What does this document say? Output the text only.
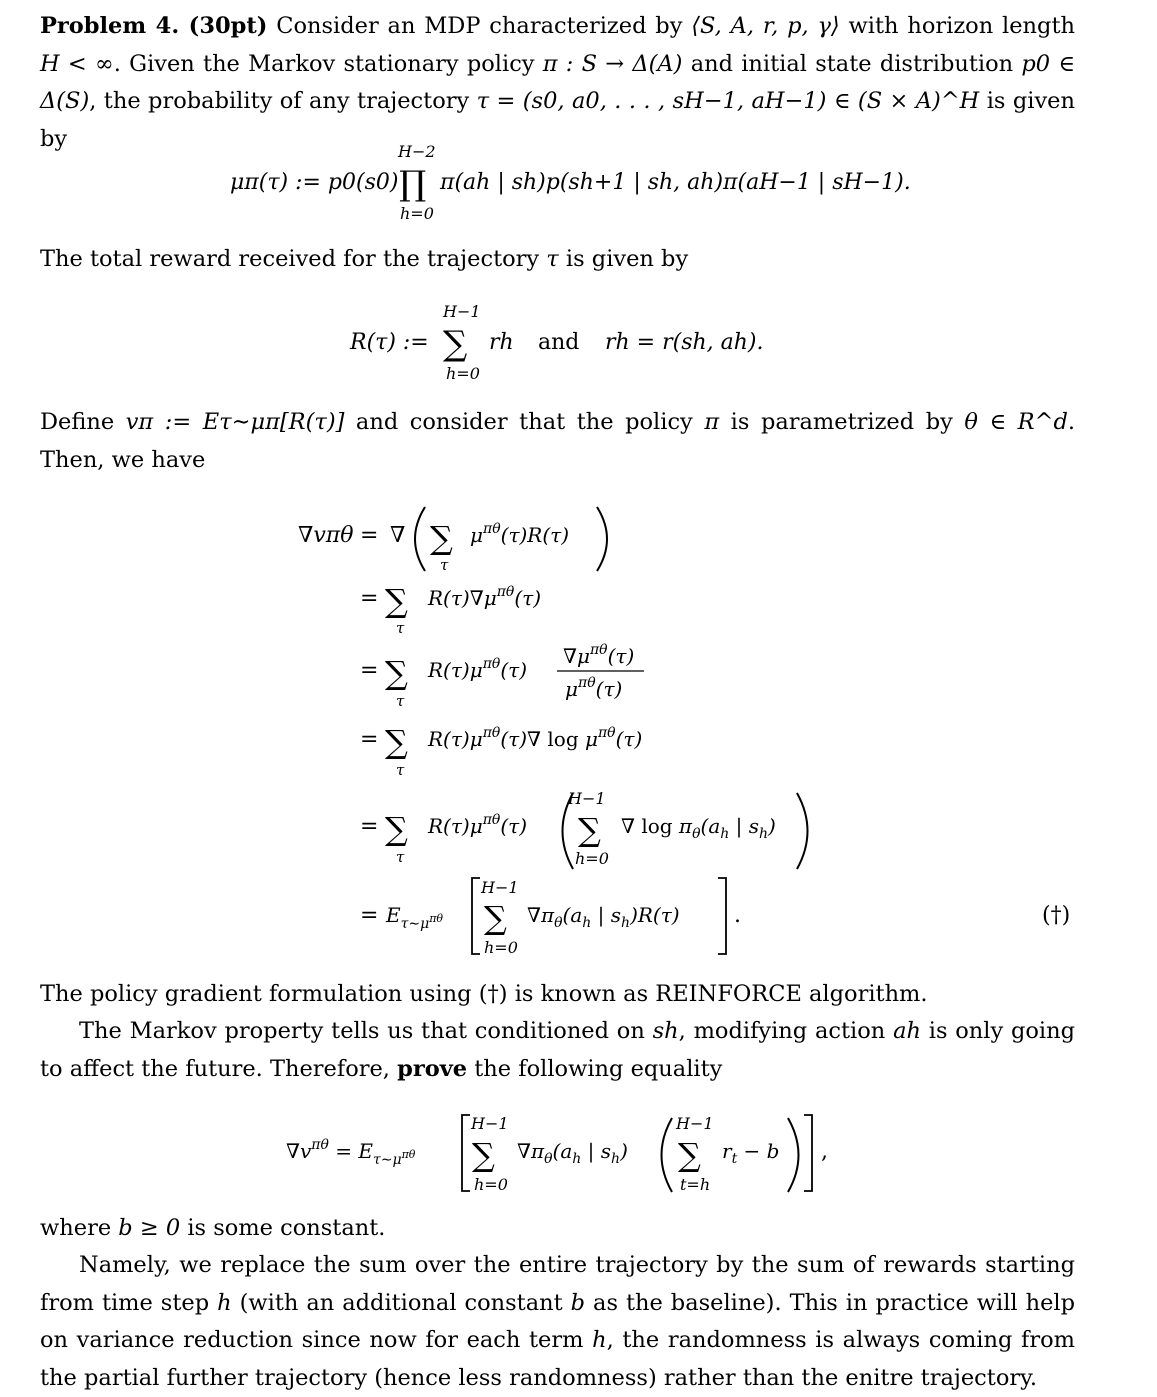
Problem 4. (30pt) Consider an MDP characterized by ⟨S, A, r, p, γ⟩ with horizon length H < ∞. Given the Markov stationary policy π : S → Δ(A) and initial state distribution p0 ∈ Δ(S), the probability of any trajectory τ = (s0, a0, . . . , sH−1, aH−1) ∈ (S × A)^H is given by

μπ(τ) := p0(s0)
H−2
∏
h=0
π(ah | sh)p(sh+1 | sh, ah)π(aH−1 | sH−1).

The total reward received for the trajectory τ is given by

R(τ) :=
H−1
∑
h=0
rh and rh = r(sh, ah).

Define vπ := Eτ∼μπ[R(τ)] and consider that the policy π is parametrized by θ ∈ R^d. Then, we have

∇vπθ = ∇ ∑
τ
$\mu^{\pi\theta}(\tau)R(\tau)$
= ∑
τ
$R(\tau)\nabla\mu^{\pi\theta}(\tau)$
= ∑
τ
$R(\tau)\mu^{\pi\theta}(\tau)$
$\nabla\mu^{\pi\theta}(\tau)$
$\mu^{\pi\theta}(\tau)$
= ∑
τ
$R(\tau)\mu^{\pi\theta}(\tau)\nabla$ $\log \mu^{\pi\theta}(\tau)$
= ∑
τ
$R(\tau)\mu^{\pi\theta}(\tau)$
H−1
∑
h=0
∇ $\log \pi_\theta(a_h$ | $s_h$)
= $E_{\tau\sim\mu}^{\pi\theta}$
H−1
∑
h=0
$\nabla\pi_\theta(a_h$ | $s_h)R(\tau)$ .	(†)

The policy gradient formulation using (†) is known as REINFORCE algorithm.

The Markov property tells us that conditioned on sh, modifying action ah is only going to affect the future. Therefore, prove the following equality

$\nabla v^{\pi\theta} = E_{\tau\sim\mu}^{\pi\theta}$
H−1
∑
h=0
$\nabla\pi_\theta(a_h$ | $s_h$)
H−1
∑
t=h
$r_t - b$ ,

where b ≥ 0 is some constant.

Namely, we replace the sum over the entire trajectory by the sum of rewards starting from time step h (with an additional constant b as the baseline). This in practice will help on variance reduction since now for each term h, the randomness is always coming from the partial further trajectory (hence less randomness) rather than the enitre trajectory.
